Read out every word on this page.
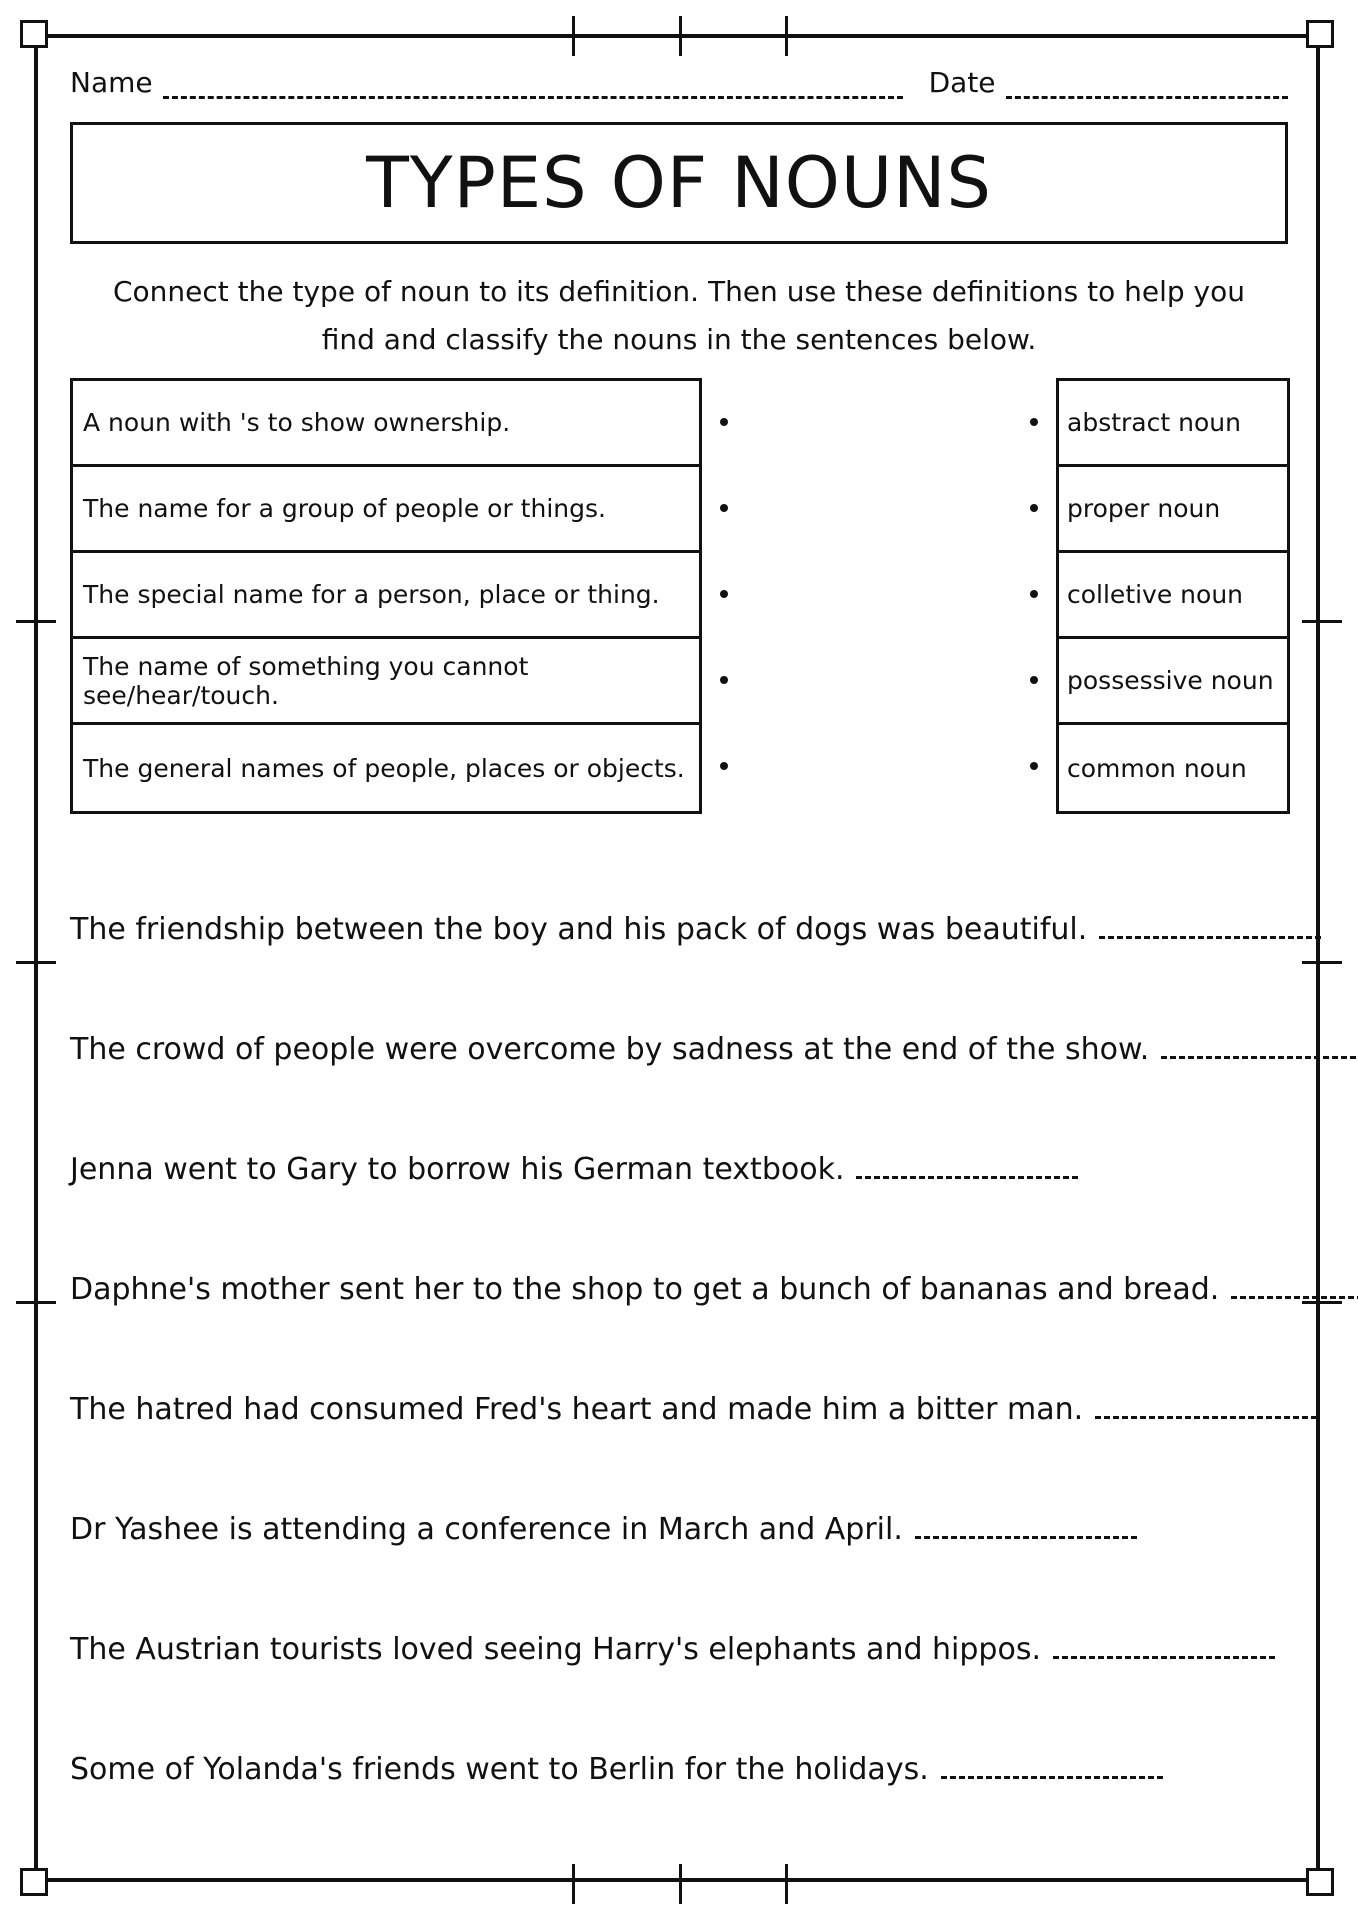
Name	Date
TYPES OF NOUNS
Connect the type of noun to its definition. Then use these definitions to help you find and classify the nouns in the sentences below.
A noun with 's to show ownership.
The name for a group of people or things.
The special name for a person, place or thing.
The name of something you cannot see/hear/touch.
The general names of people, places or objects.
abstract noun
proper noun
colletive noun
possessive noun
common noun
The friendship between the boy and his pack of dogs was beautiful.
The crowd of people were overcome by sadness at the end of the show.
Jenna went to Gary to borrow his German textbook.
Daphne's mother sent her to the shop to get a bunch of bananas and bread.
The hatred had consumed Fred's heart and made him a bitter man.
Dr Yashee is attending a conference in March and April.
The Austrian tourists loved seeing Harry's elephants and hippos.
Some of Yolanda's friends went to Berlin for the holidays.
